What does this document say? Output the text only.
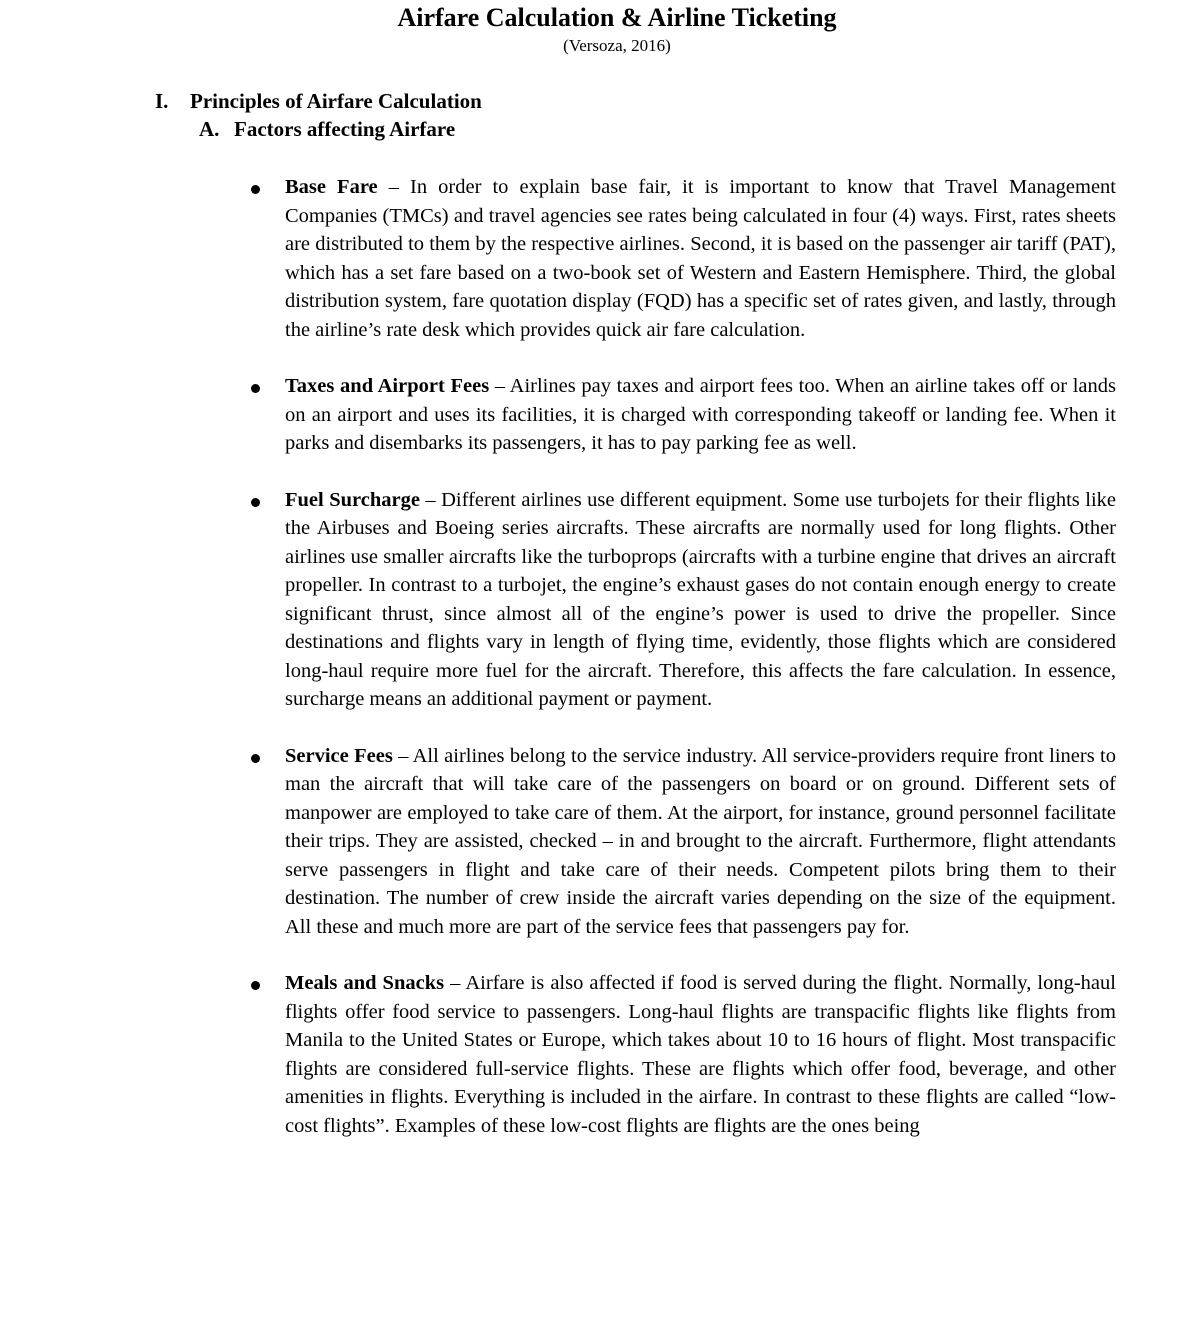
Airfare Calculation & Airline Ticketing

(Versoza, 2016)

I. Principles of Airfare Calculation
A. Factors affecting Airfare

Base Fare – In order to explain base fair, it is important to know that Travel Management Companies (TMCs) and travel agencies see rates being calculated in four (4) ways. First, rates sheets are distributed to them by the respective airlines. Second, it is based on the passenger air tariff (PAT), which has a set fare based on a two-book set of Western and Eastern Hemisphere. Third, the global distribution system, fare quotation display (FQD) has a specific set of rates given, and lastly, through the airline’s rate desk which provides quick air fare calculation.

Taxes and Airport Fees – Airlines pay taxes and airport fees too. When an airline takes off or lands on an airport and uses its facilities, it is charged with corresponding takeoff or landing fee. When it parks and disembarks its passengers, it has to pay parking fee as well.

Fuel Surcharge – Different airlines use different equipment. Some use turbojets for their flights like the Airbuses and Boeing series aircrafts. These aircrafts are normally used for long flights. Other airlines use smaller aircrafts like the turboprops (aircrafts with a turbine engine that drives an aircraft propeller. In contrast to a turbojet, the engine’s exhaust gases do not contain enough energy to create significant thrust, since almost all of the engine’s power is used to drive the propeller. Since destinations and flights vary in length of flying time, evidently, those flights which are considered long-haul require more fuel for the aircraft. Therefore, this affects the fare calculation. In essence, surcharge means an additional payment or payment.

Service Fees – All airlines belong to the service industry. All service-providers require front liners to man the aircraft that will take care of the passengers on board or on ground. Different sets of manpower are employed to take care of them. At the airport, for instance, ground personnel facilitate their trips. They are assisted, checked – in and brought to the aircraft. Furthermore, flight attendants serve passengers in flight and take care of their needs. Competent pilots bring them to their destination. The number of crew inside the aircraft varies depending on the size of the equipment. All these and much more are part of the service fees that passengers pay for.

Meals and Snacks – Airfare is also affected if food is served during the flight. Normally, long-haul flights offer food service to passengers. Long-haul flights are transpacific flights like flights from Manila to the United States or Europe, which takes about 10 to 16 hours of flight. Most transpacific flights are considered full-service flights. These are flights which offer food, beverage, and other amenities in flights. Everything is included in the airfare. In contrast to these flights are called “low-cost flights”. Examples of these low-cost flights are flights are the ones being
